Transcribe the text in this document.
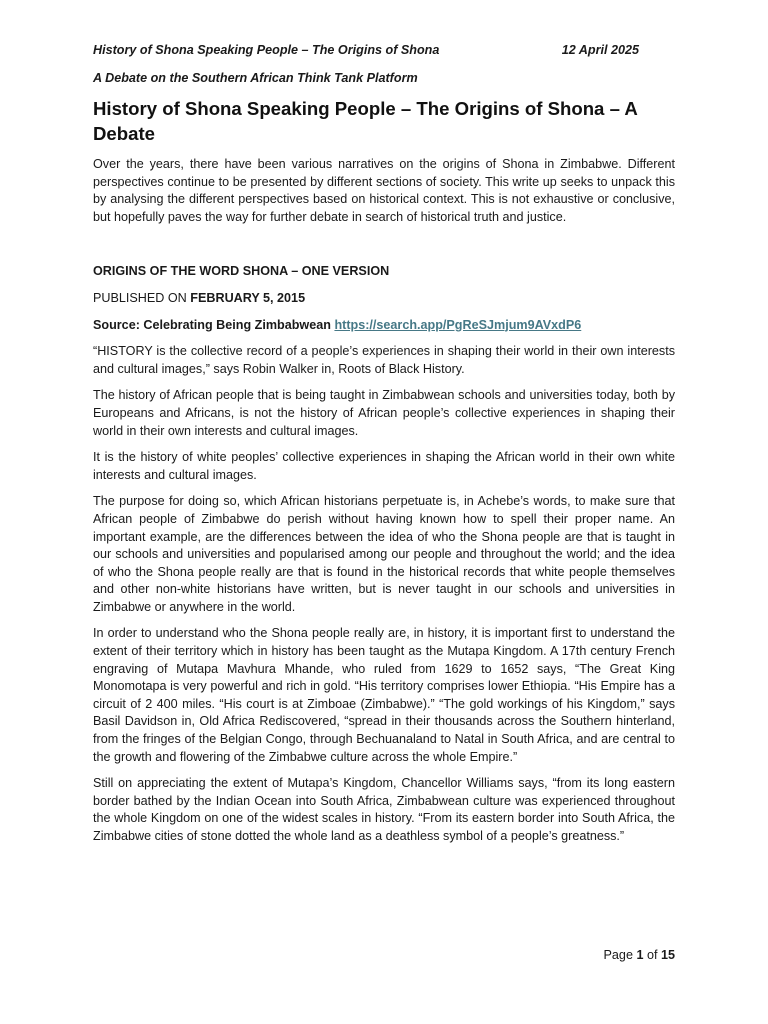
History of Shona Speaking People – The Origins of Shona	12 April 2025
A Debate on the Southern African Think Tank Platform
History of Shona Speaking People – The Origins of Shona – A Debate

Over the years, there have been various narratives on the origins of Shona in Zimbabwe. Different perspectives continue to be presented by different sections of society. This write up seeks to unpack this by analysing the different perspectives based on historical context. This is not exhaustive or conclusive, but hopefully paves the way for further debate in search of historical truth and justice.

ORIGINS OF THE WORD SHONA – ONE VERSION

PUBLISHED ON FEBRUARY 5, 2015

Source: Celebrating Being Zimbabwean https://search.app/PgReSJmjum9AVxdP6

“HISTORY is the collective record of a people’s experiences in shaping their world in their own interests and cultural images,” says Robin Walker in, Roots of Black History.

The history of African people that is being taught in Zimbabwean schools and universities today, both by Europeans and Africans, is not the history of African people’s collective experiences in shaping their world in their own interests and cultural images.

It is the history of white peoples’ collective experiences in shaping the African world in their own white interests and cultural images.

The purpose for doing so, which African historians perpetuate is, in Achebe’s words, to make sure that African people of Zimbabwe do perish without having known how to spell their proper name. An important example, are the differences between the idea of who the Shona people are that is taught in our schools and universities and popularised among our people and throughout the world; and the idea of who the Shona people really are that is found in the historical records that white people themselves and other non-white historians have written, but is never taught in our schools and universities in Zimbabwe or anywhere in the world.

In order to understand who the Shona people really are, in history, it is important first to understand the extent of their territory which in history has been taught as the Mutapa Kingdom. A 17th century French engraving of Mutapa Mavhura Mhande, who ruled from 1629 to 1652 says, “The Great King Monomotapa is very powerful and rich in gold. “His territory comprises lower Ethiopia. “His Empire has a circuit of 2 400 miles. “His court is at Zimboae (Zimbabwe).” “The gold workings of his Kingdom,” says Basil Davidson in, Old Africa Rediscovered, “spread in their thousands across the Southern hinterland, from the fringes of the Belgian Congo, through Bechuanaland to Natal in South Africa, and are central to the growth and flowering of the Zimbabwe culture across the whole Empire.”

Still on appreciating the extent of Mutapa’s Kingdom, Chancellor Williams says, “from its long eastern border bathed by the Indian Ocean into South Africa, Zimbabwean culture was experienced throughout the whole Kingdom on one of the widest scales in history. “From its eastern border into South Africa, the Zimbabwe cities of stone dotted the whole land as a deathless symbol of a people’s greatness.”

Page 1 of 15
